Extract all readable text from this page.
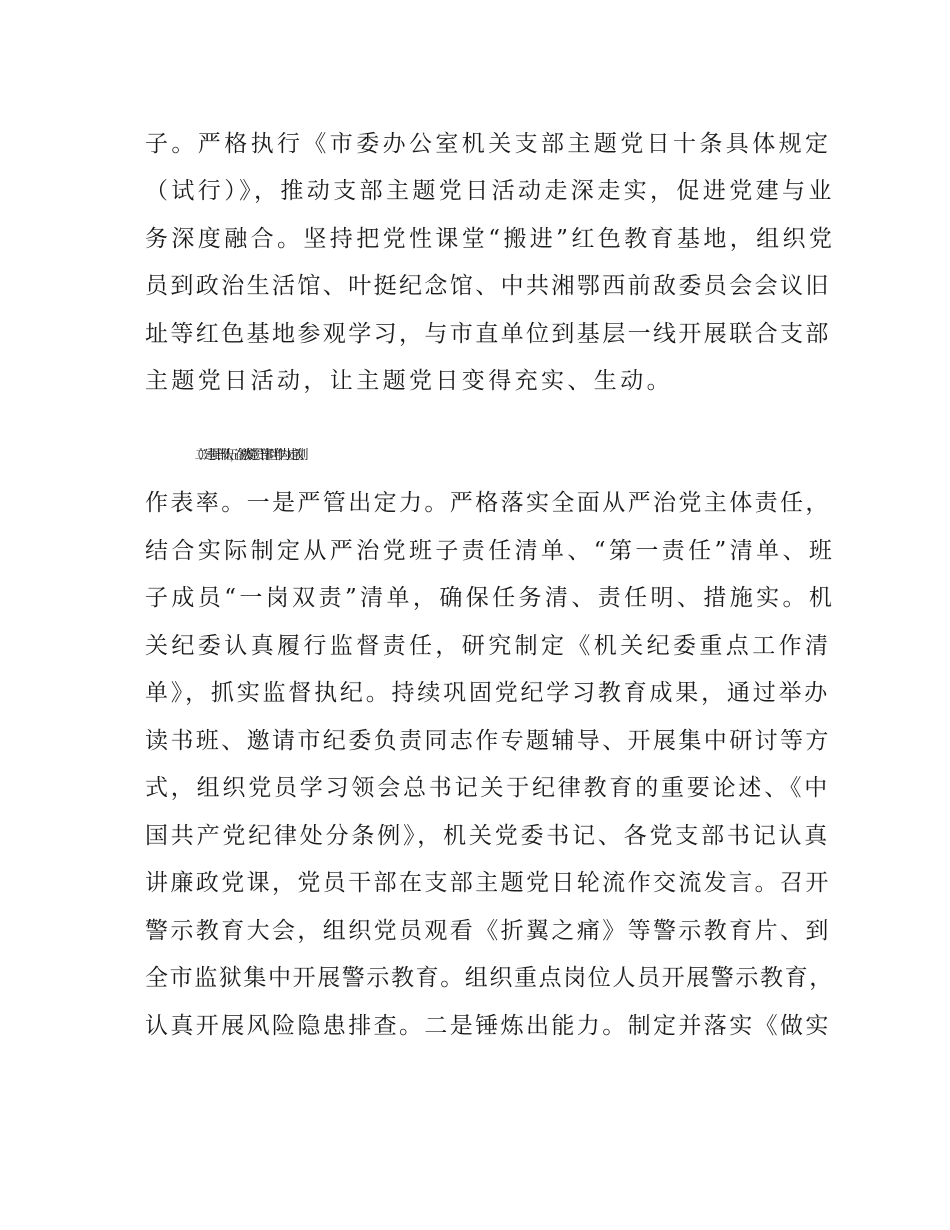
子。严格执行《市委办公室机关支部主题党日十条具体规定
（试行）》，推动支部主题党日活动走深走实，促进党建与业
务深度融合。坚持把党性课堂“搬进”红色教育基地，组织党
员到政治生活馆、叶挺纪念馆、中共湘鄂西前敌委员会会议旧
址等红色基地参观学习，与市直单位到基层一线开展联合支部
主题党日活动，让主题党日变得充实、生动。
（二）建强干部队伍，在激发党员干部担当作为上走前列、
作表率。一是严管出定力。严格落实全面从严治党主体责任，
结合实际制定从严治党班子责任清单、“第一责任”清单、班
子成员“一岗双责”清单，确保任务清、责任明、措施实。机
关纪委认真履行监督责任，研究制定《机关纪委重点工作清
单》，抓实监督执纪。持续巩固党纪学习教育成果，通过举办
读书班、邀请市纪委负责同志作专题辅导、开展集中研讨等方
式，组织党员学习领会总书记关于纪律教育的重要论述、《中
国共产党纪律处分条例》，机关党委书记、各党支部书记认真
讲廉政党课，党员干部在支部主题党日轮流作交流发言。召开
警示教育大会，组织党员观看《折翼之痛》等警示教育片、到
全市监狱集中开展警示教育。组织重点岗位人员开展警示教育，
认真开展风险隐患排查。二是锤炼出能力。制定并落实《做实
